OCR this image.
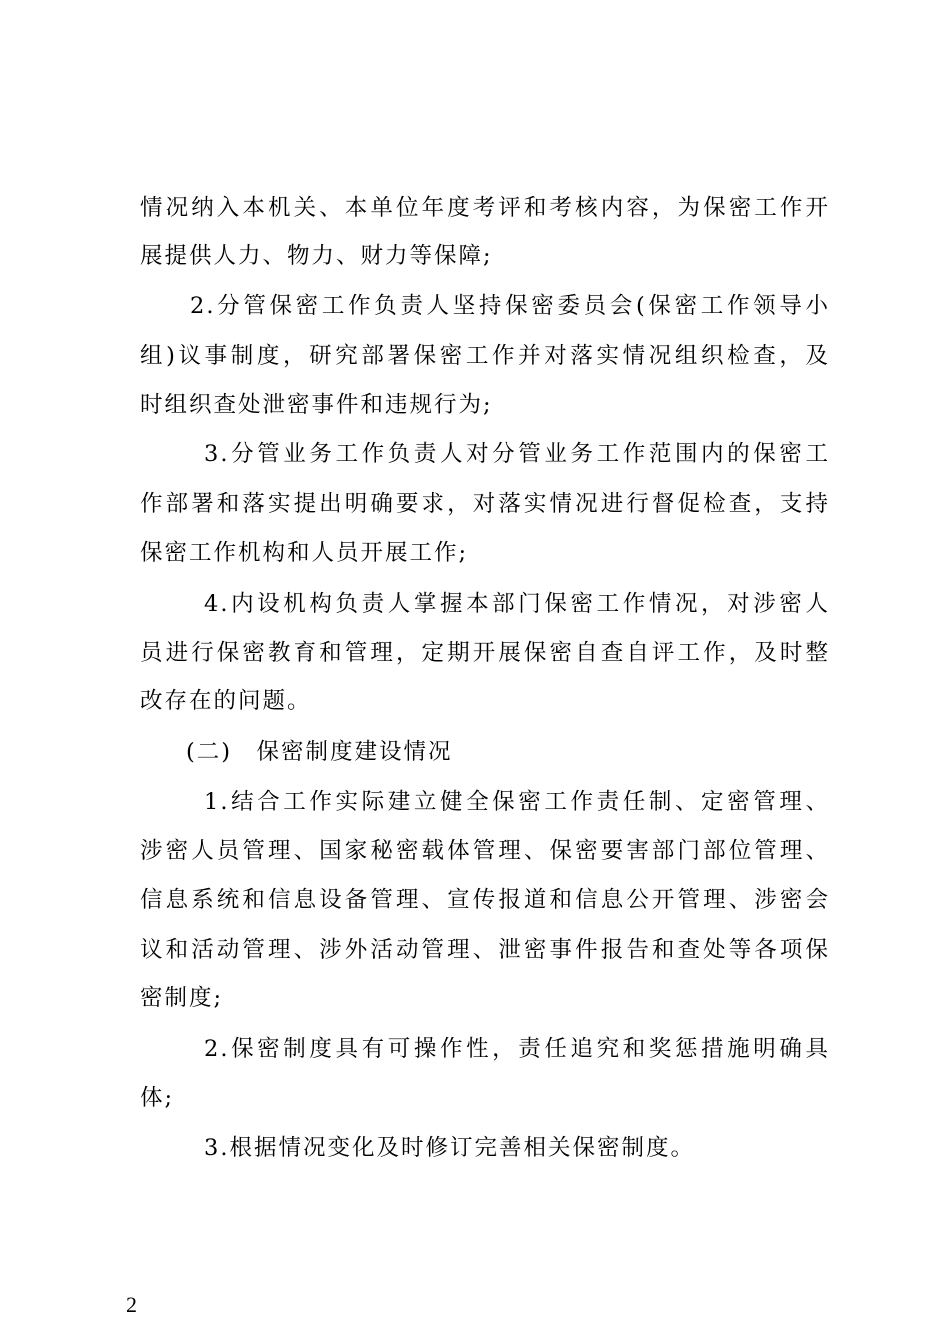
情况纳入本机关、本单位年度考评和考核内容，为保密工作开
展提供人力、物力、财力等保障;
2.分管保密工作负责人坚持保密委员会(保密工作领导小
组)议事制度，研究部署保密工作并对落实情况组织检查，及
时组织查处泄密事件和违规行为;
3.分管业务工作负责人对分管业务工作范围内的保密工
作部署和落实提出明确要求，对落实情况进行督促检查，支持
保密工作机构和人员开展工作;
4.内设机构负责人掌握本部门保密工作情况，对涉密人
员进行保密教育和管理，定期开展保密自查自评工作，及时整
改存在的问题。
(二)　保密制度建设情况
1.结合工作实际建立健全保密工作责任制、定密管理、
涉密人员管理、国家秘密载体管理、保密要害部门部位管理、
信息系统和信息设备管理、宣传报道和信息公开管理、涉密会
议和活动管理、涉外活动管理、泄密事件报告和查处等各项保
密制度;
2.保密制度具有可操作性，责任追究和奖惩措施明确具
体;
3.根据情况变化及时修订完善相关保密制度。
2
